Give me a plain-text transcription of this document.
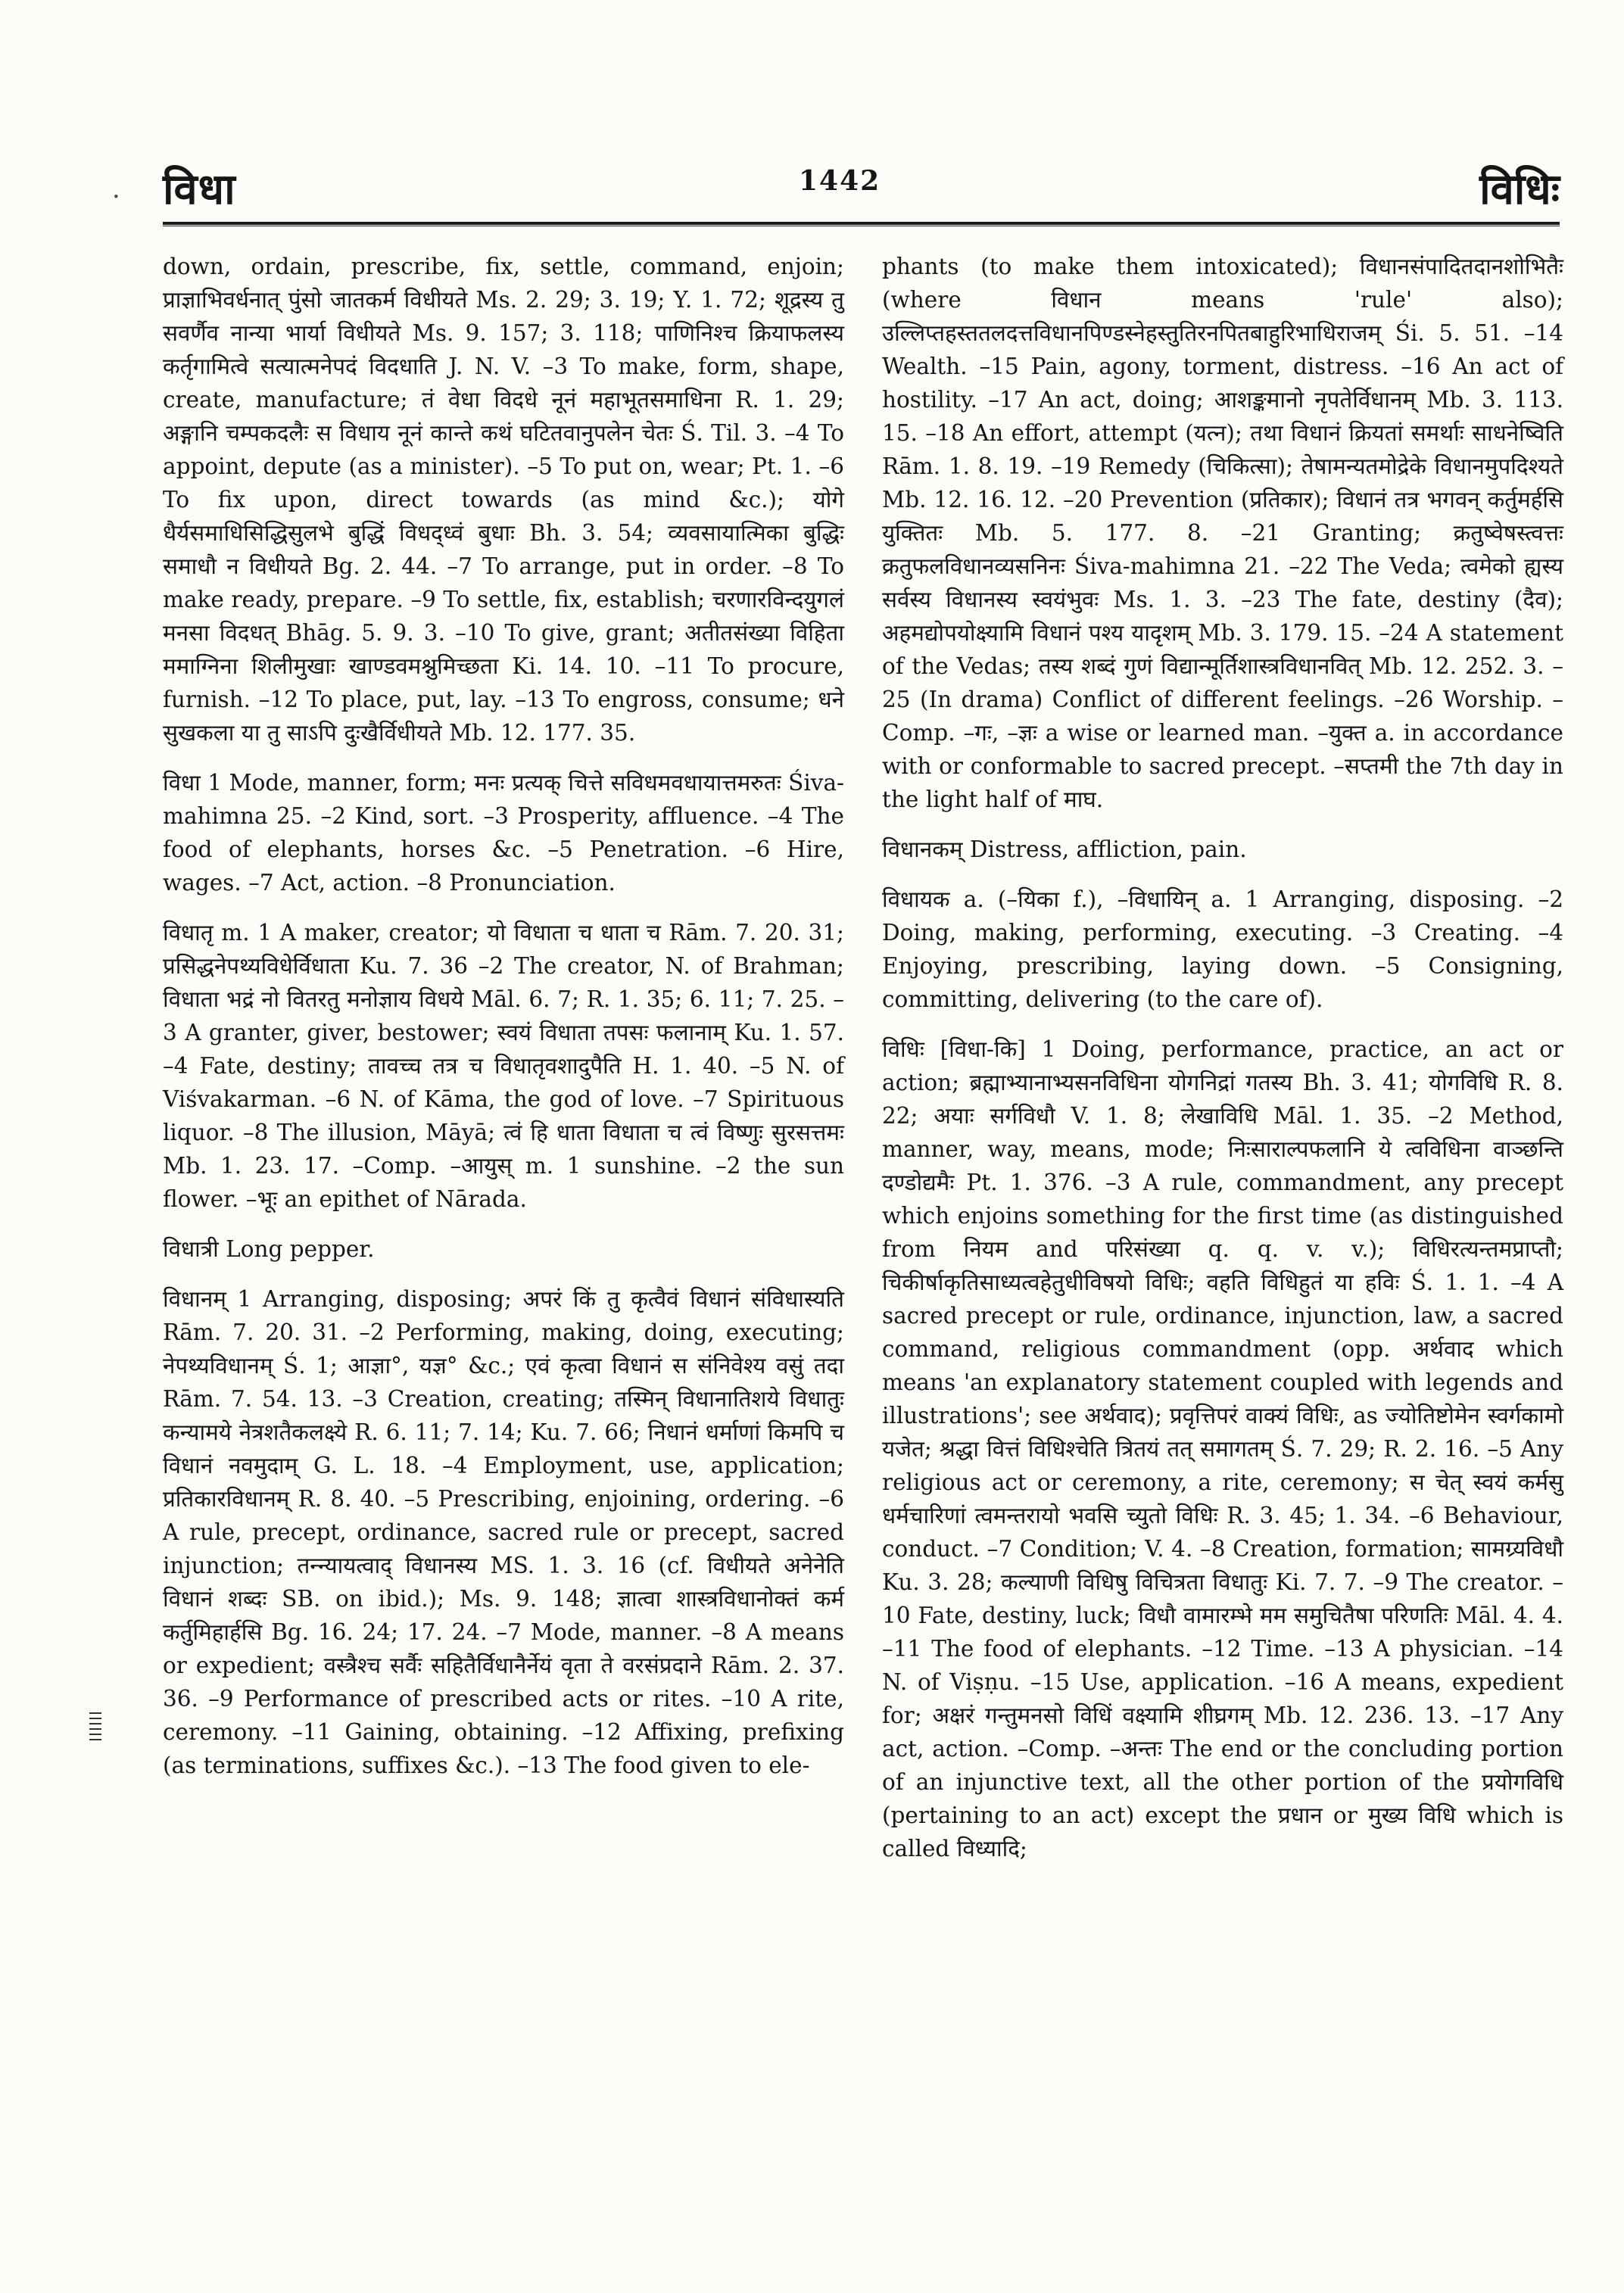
· विधा	1442	विधिः

down, ordain, prescribe, fix, settle, command, enjoin; प्राज्ञाभिवर्धनात् पुंसो जातकर्म विधीयते Ms. 2. 29; 3. 19; Y. 1. 72; शूद्रस्य तु सवर्णैव नान्या भार्या विधीयते Ms. 9. 157; 3. 118; पाणिनिश्च क्रियाफलस्य कर्तृगामित्वे सत्यात्मनेपदं विदधाति J. N. V. –3 To make, form, shape, create, manufacture; तं वेधा विदधे नूनं महाभूतसमाधिना R. 1. 29; अङ्गानि चम्पकदलैः स विधाय नूनं कान्ते कथं घटितवानुपलेन चेतः Ś. Til. 3. –4 To appoint, depute (as a minister). –5 To put on, wear; Pt. 1. –6 To fix upon, direct towards (as mind &c.); योगे धैर्यसमाधिसिद्धिसुलभे बुद्धिं विधद्ध्वं बुधाः Bh. 3. 54; व्यवसायात्मिका बुद्धिः समाधौ न विधीयते Bg. 2. 44. –7 To arrange, put in order. –8 To make ready, prepare. –9 To settle, fix, establish; चरणारविन्दयुगलं मनसा विदधत् Bhāg. 5. 9. 3. –10 To give, grant; अतीतसंख्या विहिता ममाग्निना शिलीमुखाः खाण्डवमश्नुमिच्छता Ki. 14. 10. –11 To procure, furnish. –12 To place, put, lay. –13 To engross, consume; धने सुखकला या तु साऽपि दुःखैर्विधीयते Mb. 12. 177. 35.

विधा 1 Mode, manner, form; मनः प्रत्यक् चित्ते सविधमवधायात्तमरुतः Śiva-mahimna 25. –2 Kind, sort. –3 Prosperity, affluence. –4 The food of elephants, horses &c. –5 Penetration. –6 Hire, wages. –7 Act, action. –8 Pronunciation.

विधातृ m. 1 A maker, creator; यो विधाता च धाता च Rām. 7. 20. 31; प्रसिद्धनेपथ्यविधेर्विधाता Ku. 7. 36 –2 The creator, N. of Brahman; विधाता भद्रं नो वितरतु मनोज्ञाय विधये Māl. 6. 7; R. 1. 35; 6. 11; 7. 25. –3 A granter, giver, bestower; स्वयं विधाता तपसः फलानाम् Ku. 1. 57. –4 Fate, destiny; तावच्च तत्र च विधातृवशादुपैति H. 1. 40. –5 N. of Viśvakarman. –6 N. of Kāma, the god of love. –7 Spirituous liquor. –8 The illusion, Māyā; त्वं हि धाता विधाता च त्वं विष्णुः सुरसत्तमः Mb. 1. 23. 17. –Comp. –आयुस् m. 1 sunshine. –2 the sun flower. –भूः an epithet of Nārada.

विधात्री Long pepper.

विधानम् 1 Arranging, disposing; अपरं किं तु कृत्वैवं विधानं संविधास्यति Rām. 7. 20. 31. –2 Performing, making, doing, executing; नेपथ्यविधानम् Ś. 1; आज्ञा°, यज्ञ° &c.; एवं कृत्वा विधानं स संनिवेश्य वसुं तदा Rām. 7. 54. 13. –3 Creation, creating; तस्मिन् विधानातिशये विधातुः कन्यामये नेत्रशतैकलक्ष्ये R. 6. 11; 7. 14; Ku. 7. 66; निधानं धर्माणां किमपि च विधानं नवमुदाम् G. L. 18. –4 Employment, use, application; प्रतिकारविधानम् R. 8. 40. –5 Prescribing, enjoining, ordering. –6 A rule, precept, ordinance, sacred rule or precept, sacred injunction; तन्न्यायत्वाद् विधानस्य MS. 1. 3. 16 (cf. विधीयते अनेनेति विधानं शब्दः SB. on ibid.); Ms. 9. 148; ज्ञात्वा शास्त्रविधानोक्तं कर्म कर्तुमिहार्हसि Bg. 16. 24; 17. 24. –7 Mode, manner. –8 A means or expedient; वस्त्रैश्च सर्वैः सहितैर्विधानैर्नेयं वृता ते वरसंप्रदाने Rām. 2. 37. 36. –9 Performance of prescribed acts or rites. –10 A rite, ceremony. –11 Gaining, obtaining. –12 Affixing, prefixing (as terminations, suffixes &c.). –13 The food given to ele-

phants (to make them intoxicated); विधानसंपादितदानशोभितैः (where विधान means 'rule' also); उल्लिप्तहस्ततलदत्तविधानपिण्डस्नेहस्तुतिरनपितबाहुरिभाधिराजम् Śi. 5. 51. –14 Wealth. –15 Pain, agony, torment, distress. –16 An act of hostility. –17 An act, doing; आशङ्कमानो नृपतेर्विधानम् Mb. 3. 113. 15. –18 An effort, attempt (यत्न); तथा विधानं क्रियतां समर्थाः साधनेष्विति Rām. 1. 8. 19. –19 Remedy (चिकित्सा); तेषामन्यतमोद्रेके विधानमुपदिश्यते Mb. 12. 16. 12. –20 Prevention (प्रतिकार); विधानं तत्र भगवन् कर्तुमर्हसि युक्तितः Mb. 5. 177. 8. –21 Granting; क्रतुष्वेषस्त्वत्तः क्रतुफलविधानव्यसनिनः Śiva-mahimna 21. –22 The Veda; त्वमेको ह्यस्य सर्वस्य विधानस्य स्वयंभुवः Ms. 1. 3. –23 The fate, destiny (दैव); अहमद्योपयोक्ष्यामि विधानं पश्य यादृशम् Mb. 3. 179. 15. –24 A statement of the Vedas; तस्य शब्दं गुणं विद्यान्मूर्तिशास्त्रविधानवित् Mb. 12. 252. 3. –25 (In drama) Conflict of different feelings. –26 Worship. –Comp. –गः, –ज्ञः a wise or learned man. –युक्त a. in accordance with or conformable to sacred precept. –सप्तमी the 7th day in the light half of माघ.

विधानकम् Distress, affliction, pain.

विधायक a. (–यिका f.), –विधायिन् a. 1 Arranging, disposing. –2 Doing, making, performing, executing. –3 Creating. –4 Enjoying, prescribing, laying down. –5 Consigning, committing, delivering (to the care of).

विधिः [विधा-कि] 1 Doing, performance, practice, an act or action; ब्रह्माभ्यानाभ्यसनविधिना योगनिद्रां गतस्य Bh. 3. 41; योगविधि R. 8. 22; अयाः सर्गविधौ V. 1. 8; लेखाविधि Māl. 1. 35. –2 Method, manner, way, means, mode; निःसाराल्पफलानि ये त्वविधिना वाञ्छन्ति दण्डोद्यमैः Pt. 1. 376. –3 A rule, commandment, any precept which enjoins something for the first time (as distinguished from नियम and परिसंख्या q. q. v. v.); विधिरत्यन्तमप्राप्तौ; चिकीर्षाकृतिसाध्यत्वहेतुधीविषयो विधिः; वहति विधिहुतं या हविः Ś. 1. 1. –4 A sacred precept or rule, ordinance, injunction, law, a sacred command, religious commandment (opp. अर्थवाद which means 'an explanatory statement coupled with legends and illustrations'; see अर्थवाद); प्रवृत्तिपरं वाक्यं विधिः, as ज्योतिष्टोमेन स्वर्गकामो यजेत; श्रद्धा वित्तं विधिश्चेति त्रितयं तत् समागतम् Ś. 7. 29; R. 2. 16. –5 Any religious act or ceremony, a rite, ceremony; स चेत् स्वयं कर्मसु धर्मचारिणां त्वमन्तरायो भवसि च्युतो विधिः R. 3. 45; 1. 34. –6 Behaviour, conduct. –7 Condition; V. 4. –8 Creation, formation; सामग्र्यविधौ Ku. 3. 28; कल्याणी विधिषु विचित्रता विधातुः Ki. 7. 7. –9 The creator. –10 Fate, destiny, luck; विधौ वामारम्भे मम समुचितैषा परिणतिः Māl. 4. 4. –11 The food of elephants. –12 Time. –13 A physician. –14 N. of Viṣṇu. –15 Use, application. –16 A means, expedient for; अक्षरं गन्तुमनसो विधिं वक्ष्यामि शीघ्रगम् Mb. 12. 236. 13. –17 Any act, action. –Comp. –अन्तः The end or the concluding portion of an injunctive text, all the other portion of the प्रयोगविधि (pertaining to an act) except the प्रधान or मुख्य विधि which is called विध्यादि;
